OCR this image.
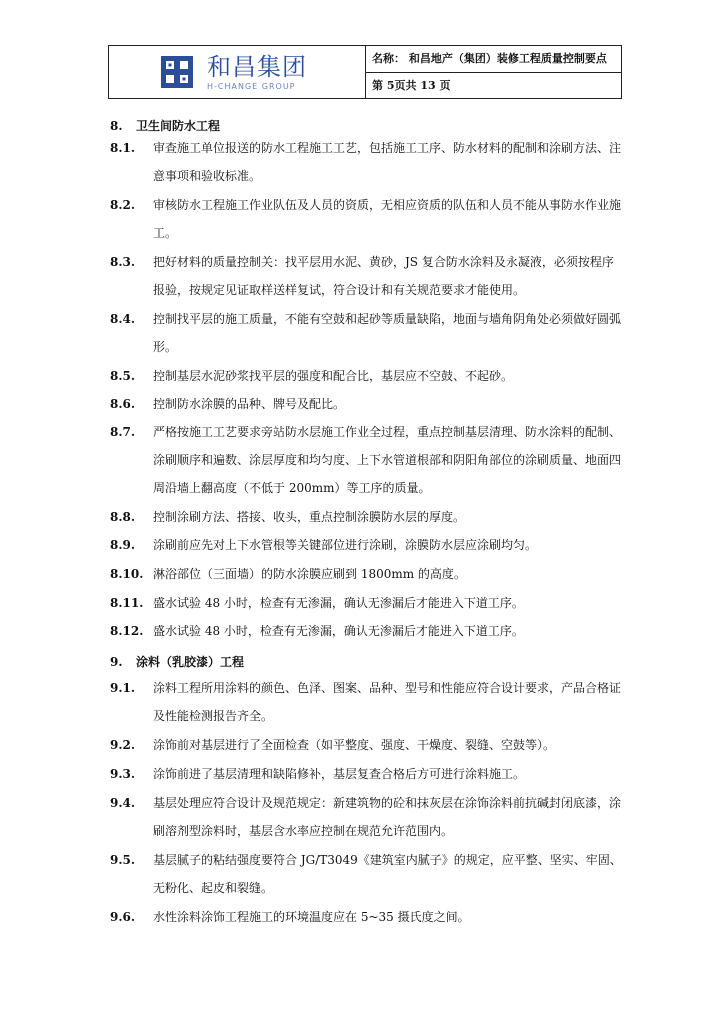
和昌集团
H-CHANGE GROUP
名称： 和昌地产（集团）装修工程质量控制要点
第 5页共 13 页
8. 卫生间防水工程
8.1. 审查施工单位报送的防水工程施工工艺，包括施工工序、防水材料的配制和涂刷方法、注意事项和验收标准。
8.2. 审核防水工程施工作业队伍及人员的资质，无相应资质的队伍和人员不能从事防水作业施工。
8.3. 把好材料的质量控制关：找平层用水泥、黄砂，JS 复合防水涂料及永凝液，必须按程序报验，按规定见证取样送样复试，符合设计和有关规范要求才能使用。
8.4. 控制找平层的施工质量，不能有空鼓和起砂等质量缺陷，地面与墙角阴角处必须做好圆弧形。
8.5. 控制基层水泥砂浆找平层的强度和配合比，基层应不空鼓、不起砂。
8.6. 控制防水涂膜的品种、牌号及配比。
8.7. 严格按施工工艺要求旁站防水层施工作业全过程，重点控制基层清理、防水涂料的配制、涂刷顺序和遍数、涂层厚度和均匀度、上下水管道根部和阴阳角部位的涂刷质量、地面四周沿墙上翻高度（不低于 200mm）等工序的质量。
8.8. 控制涂刷方法、搭接、收头，重点控制涂膜防水层的厚度。
8.9. 涂刷前应先对上下水管根等关键部位进行涂刷，涂膜防水层应涂刷均匀。
8.10. 淋浴部位（三面墙）的防水涂膜应刷到 1800mm 的高度。
8.11. 盛水试验 48 小时，检查有无渗漏，确认无渗漏后才能进入下道工序。
8.12. 盛水试验 48 小时，检查有无渗漏，确认无渗漏后才能进入下道工序。
9. 涂料（乳胶漆）工程
9.1. 涂料工程所用涂料的颜色、色泽、图案、品种、型号和性能应符合设计要求，产品合格证及性能检测报告齐全。
9.2. 涂饰前对基层进行了全面检查（如平整度、强度、干燥度、裂缝、空鼓等）。
9.3. 涂饰前进了基层清理和缺陷修补，基层复查合格后方可进行涂料施工。
9.4. 基层处理应符合设计及规范规定：新建筑物的砼和抹灰层在涂饰涂料前抗碱封闭底漆，涂刷溶剂型涂料时，基层含水率应控制在规范允许范围内。
9.5. 基层腻子的粘结强度要符合 JG/T3049《建筑室内腻子》的规定，应平整、坚实、牢固、无粉化、起皮和裂缝。
9.6. 水性涂料涂饰工程施工的环境温度应在 5~35 摄氏度之间。
